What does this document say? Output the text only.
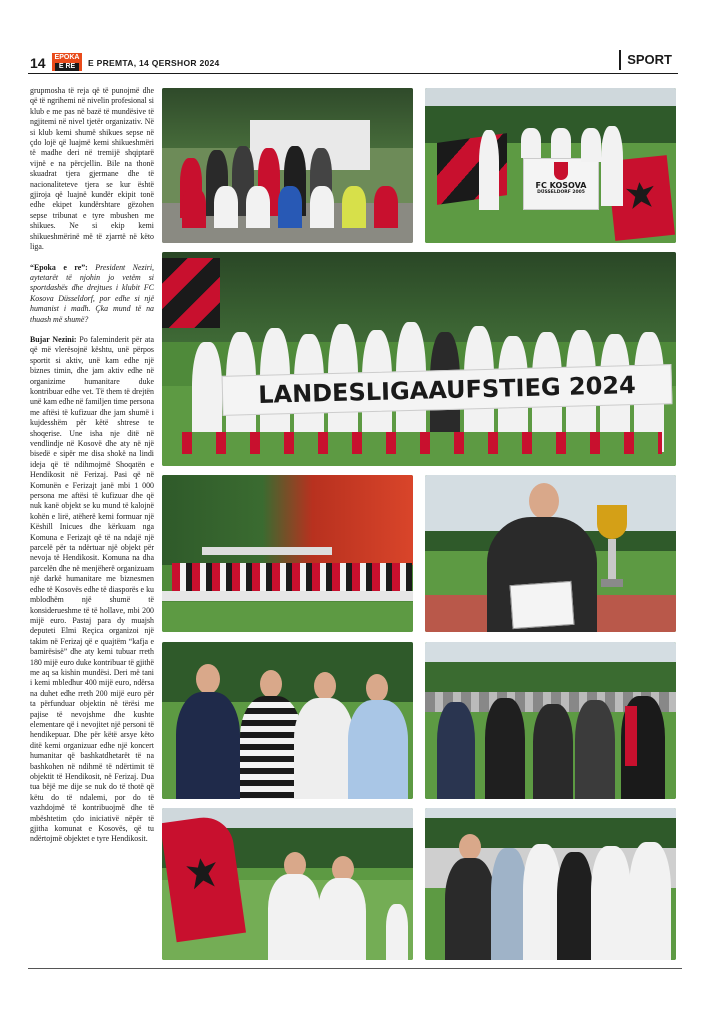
14	EPOKA
E RE	E PREMTA, 14 QERSHOR 2024	SPORT

grupmosha të reja që të punojmë dhe që të ngrihemi në nivelin profesional si klub e me pas në bazë të mundësive të ngjitemi në nivel tjetër organizativ. Në si klub kemi shumë shikues sepse në çdo lojë që luajmë kemi shikueshmëri të madhe deri në tremijë shqiptarë vijnë e na përcjellin. Bile na thonë skuadrat tjera gjermane dhe të nacionaliteteve tjera se kur është gjiroja që luajnë kundër ekipit tonë edhe ekipet kundërshtare gëzohen sepse tribunat e tyre mbushen me shikues. Ne si ekip kemi shikueshmërinë më të zjarrtë në këto liga.

“Epoka e re”: President Neziri, aytetarët të njohin jo vetëm si sportdashës dhe drejtues i klubit FC Kosova Düsseldorf, por edhe si një humanist i madh. Çka mund të na thuash më shumë?

Bujar Nezini: Po faleminderit për ata që më vlerësojnë kështu, unë përpos sportit si aktiv, unë kam edhe një biznes timin, dhe jam aktiv edhe në organizime humanitare duke kontribuar edhe vet. Të them të drejtën unë kam edhe në familjen time persona me aftësi të kufizuar dhe jam shumë i kujdesshëm për këtë shtrese te shoqerise. Une isha nje ditë në vendlindje në Kosovë dhe aty në një bisedë e sipër me disa shokë na lindi ideja që të ndihmojmë Shoqatën e Hendikosit në Ferizaj. Pasi që në Komunën e Ferizajt janë mbi 1 000 persona me aftësi të kufizuar dhe që nuk kanë objekt se ku mund të kalojnë kohën e lirë, atëherë kemi formuar një Këshill Inicues dhe kërkuam nga Komuna e Ferizajt që të na ndajë një parcelë për ta ndërtuar një objekt për nevoja të Hendikosit. Komuna na dha parcelën dhe në menjëherë organizuam një darkë humanitare me biznesmen edhe të Kosovës edhe të diasporës e ku mblodhëm një shumë të konsiderueshme të të hollave, mbi 200 mijë euro. Pastaj para dy muajsh deputeti Elmi Reçica organizoi një takim në Ferizaj që e quajtëm “kafja e bamirësisë” dhe aty kemi tubuar rreth 180 mijë euro duke kontribuar të gjithë me aq sa kishin mundësi. Deri më tani i kemi mbledhur 400 mijë euro, ndërsa na duhet edhe rreth 200 mijë euro për ta përfunduar objektin në tërësi me pajise të nevojshme dhe kushte elementare që i nevojitet një personi të hendikepuar. Dhe për këtë arsye këto ditë kemi organizuar edhe një koncert humanitar që bashkatdhetarët të na bashkohen në ndihmë të ndërtimit të objektit të Hendikosit, në Ferizaj. Dua tua bëjë me dije se nuk do të thotë që këtu do të ndalemi, por do të vazhdojmë të kontribuojmë dhe të mbështetim çdo iniciativë nëpër të gjitha komunat e Kosovës, që tu ndërtojmë objektet e tyre Hendikosit.

FC KOSOVA
DÜSSELDORF 2005
LANDESLIGAAUFSTIEG 2024
